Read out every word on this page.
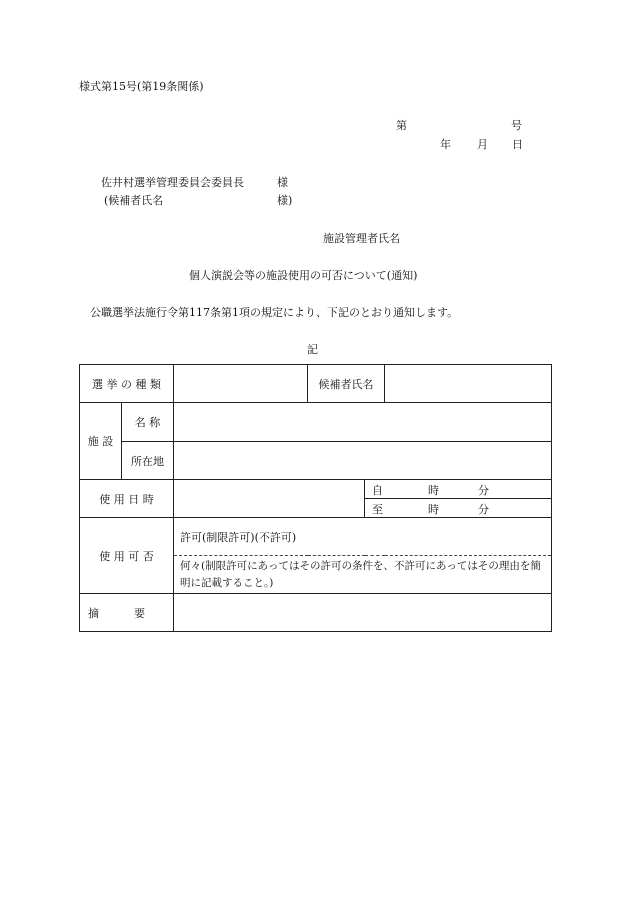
様式第15号(第19条関係)
第	号
年 月 日
佐井村選挙管理委員会委員長	様
(候補者氏名	様)
施設管理者氏名
個人演説会等の施設使用の可否について(通知)
公職選挙法施行令第117条第1項の規定により、下記のとおり通知します。
記
選 挙 の 種 類			候補者氏名		
施 設	名 称				
	所在地				
使 用 日 時				自 時 分	

				至 時 分	

使 用 可 否		許可(制限許可)(不許可)			
		何々(制限許可にあってはその許可の条件を、不許可にあってはその理由を簡明に記載すること。)			
摘          要					
